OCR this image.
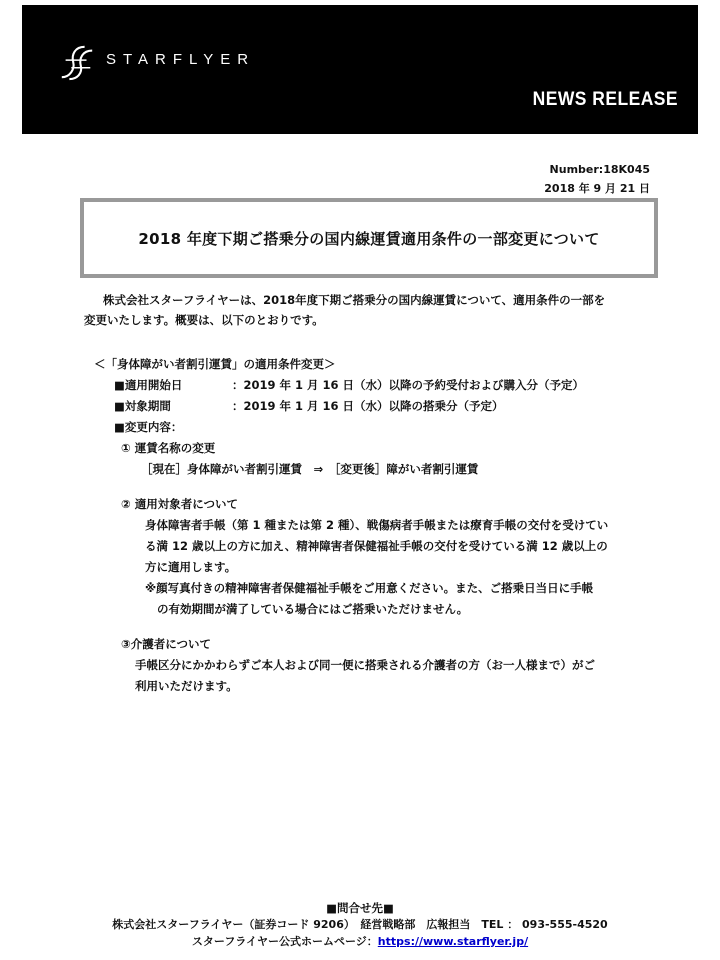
STARFLYER
NEWS RELEASE
Number:18K045
2018 年 9 月 21 日
2018 年度下期ご搭乗分の国内線運賃適用条件の一部変更について
株式会社スターフライヤーは、2018年度下期ご搭乗分の国内線運賃について、適用条件の一部を
変更いたします。概要は、以下のとおりです。
＜「身体障がい者割引運賃」の適用条件変更＞
■適用開始日	：2019 年 1 月 16 日（水）以降の予約受付および購入分（予定）
■対象期間	：2019 年 1 月 16 日（水）以降の搭乗分（予定）
■変更内容：
① 運賃名称の変更
［現在］身体障がい者割引運賃　⇒　［変更後］障がい者割引運賃
② 適用対象者について
身体障害者手帳（第 1 種または第 2 種）、戦傷病者手帳または療育手帳の交付を受けてい
る満 12 歳以上の方に加え、精神障害者保健福祉手帳の交付を受けている満 12 歳以上の
方に適用します。
※顔写真付きの精神障害者保健福祉手帳をご用意ください。また、ご搭乗日当日に手帳
の有効期間が満了している場合にはご搭乗いただけません。
③介護者について
手帳区分にかかわらずご本人および同一便に搭乗される介護者の方（お一人様まで）がご
利用いただけます。
■問合せ先■
株式会社スターフライヤー（証券コード 9206）　経営戦略部　広報担当　TEL ： 093-555-4520
スターフライヤー公式ホームページ：https://www.starflyer.jp/
